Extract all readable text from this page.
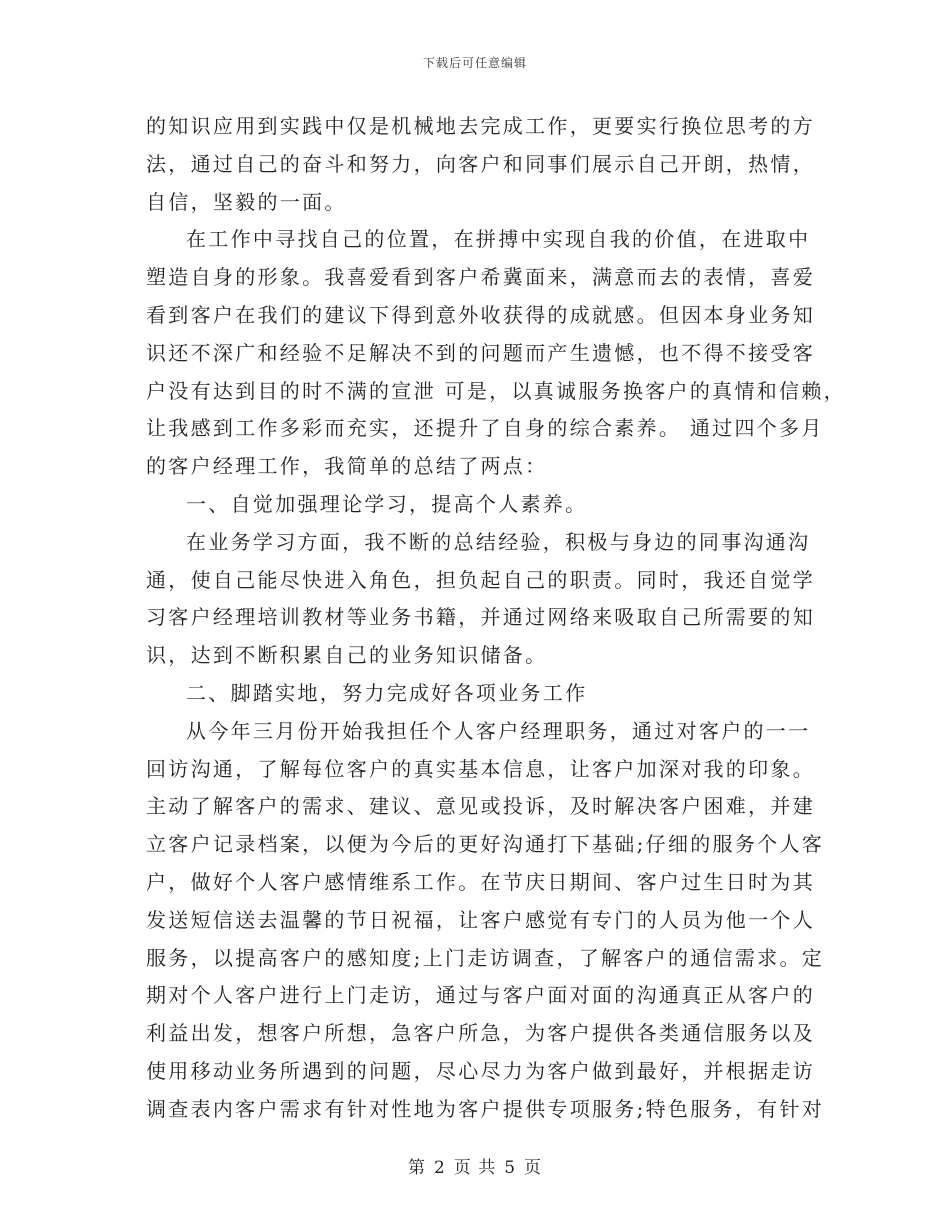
下载后可任意编辑
的知识应用到实践中仅是机械地去完成工作，更要实行换位思考的方
法，通过自己的奋斗和努力，向客户和同事们展示自己开朗，热情，
自信，坚毅的一面。
在工作中寻找自己的位置，在拼搏中实现自我的价值，在进取中
塑造自身的形象。我喜爱看到客户希冀面来，满意而去的表情，喜爱
看到客户在我们的建议下得到意外收获得的成就感。但因本身业务知
识还不深广和经验不足解决不到的问题而产生遗憾，也不得不接受客
户没有达到目的时不满的宣泄 可是，以真诚服务换客户的真情和信赖，
让我感到工作多彩而充实，还提升了自身的综合素养。 通过四个多月
的客户经理工作，我简单的总结了两点：
一、自觉加强理论学习，提高个人素养。
在业务学习方面，我不断的总结经验，积极与身边的同事沟通沟
通，使自己能尽快进入角色，担负起自己的职责。同时，我还自觉学
习客户经理培训教材等业务书籍，并通过网络来吸取自己所需要的知
识，达到不断积累自己的业务知识储备。
二、脚踏实地，努力完成好各项业务工作
从今年三月份开始我担任个人客户经理职务，通过对客户的一一
回访沟通，了解每位客户的真实基本信息，让客户加深对我的印象。
主动了解客户的需求、建议、意见或投诉，及时解决客户困难，并建
立客户记录档案，以便为今后的更好沟通打下基础;仔细的服务个人客
户，做好个人客户感情维系工作。在节庆日期间、客户过生日时为其
发送短信送去温馨的节日祝福，让客户感觉有专门的人员为他一个人
服务，以提高客户的感知度;上门走访调查，了解客户的通信需求。定
期对个人客户进行上门走访，通过与客户面对面的沟通真正从客户的
利益出发，想客户所想，急客户所急，为客户提供各类通信服务以及
使用移动业务所遇到的问题，尽心尽力为客户做到最好，并根据走访
调查表内客户需求有针对性地为客户提供专项服务;特色服务，有针对
第 2 页 共 5 页
